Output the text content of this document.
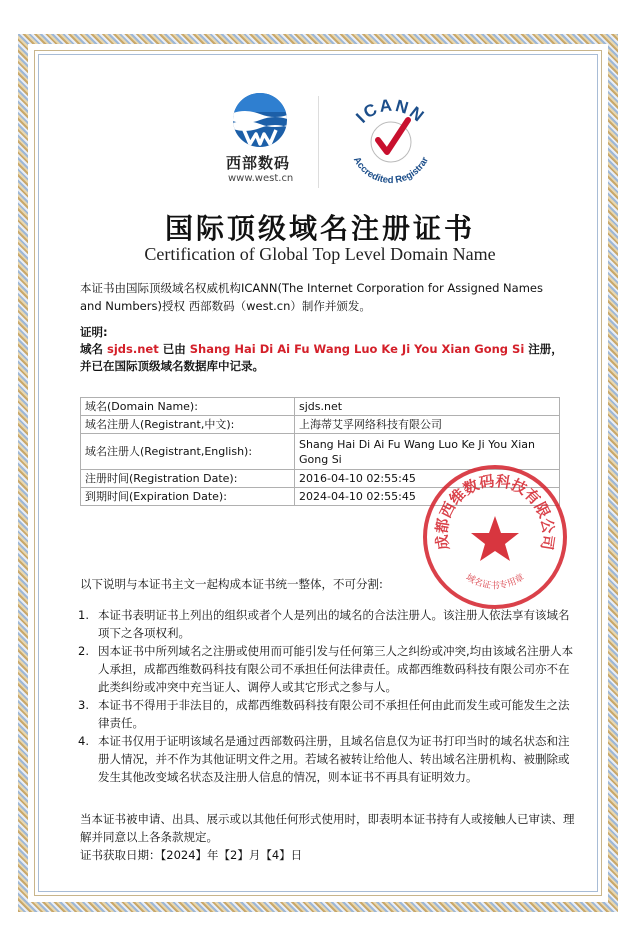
西部数码
www.west.cn
ICANN
Accredited Registrar
国际顶级域名注册证书
Certification of Global Top Level Domain Name
本证书由国际顶级域名权威机构ICANN(The Internet Corporation for Assigned Names and Numbers)授权 西部数码（west.cn）制作并颁发。
证明:
域名 sjds.net 已由 Shang Hai Di Ai Fu Wang Luo Ke Ji You Xian Gong Si 注册，并已在国际顶级域名数据库中记录。
域名(Domain Name):	sjds.net
域名注册人(Registrant,中文):	上海蒂艾孚网络科技有限公司
域名注册人(Registrant,English):	Shang Hai Di Ai Fu Wang Luo Ke Ji You Xian Gong Si
注册时间(Registration Date):	2016-04-10 02:55:45
到期时间(Expiration Date):	2024-04-10 02:55:45
成都西维数码科技有限公司
域名证书专用章
以下说明与本证书主文一起构成本证书统一整体，不可分割:
1. 本证书表明证书上列出的组织或者个人是列出的域名的合法注册人。该注册人依法享有该域名项下之各项权利。
2. 因本证书中所列域名之注册或使用而可能引发与任何第三人之纠纷或冲突,均由该域名注册人本人承担，成都西维数码科技有限公司不承担任何法律责任。成都西维数码科技有限公司亦不在此类纠纷或冲突中充当证人、调停人或其它形式之参与人。
3. 本证书不得用于非法目的，成都西维数码科技有限公司不承担任何由此而发生或可能发生之法律责任。
4. 本证书仅用于证明该域名是通过西部数码注册，且域名信息仅为证书打印当时的域名状态和注册人情况，并不作为其他证明文件之用。若域名被转让给他人、转出域名注册机构、被删除或发生其他改变域名状态及注册人信息的情况，则本证书不再具有证明效力。
当本证书被申请、出具、展示或以其他任何形式使用时，即表明本证书持有人或接触人已审读、理解并同意以上各条款规定。
证书获取日期：【2024】年【2】月【4】日
